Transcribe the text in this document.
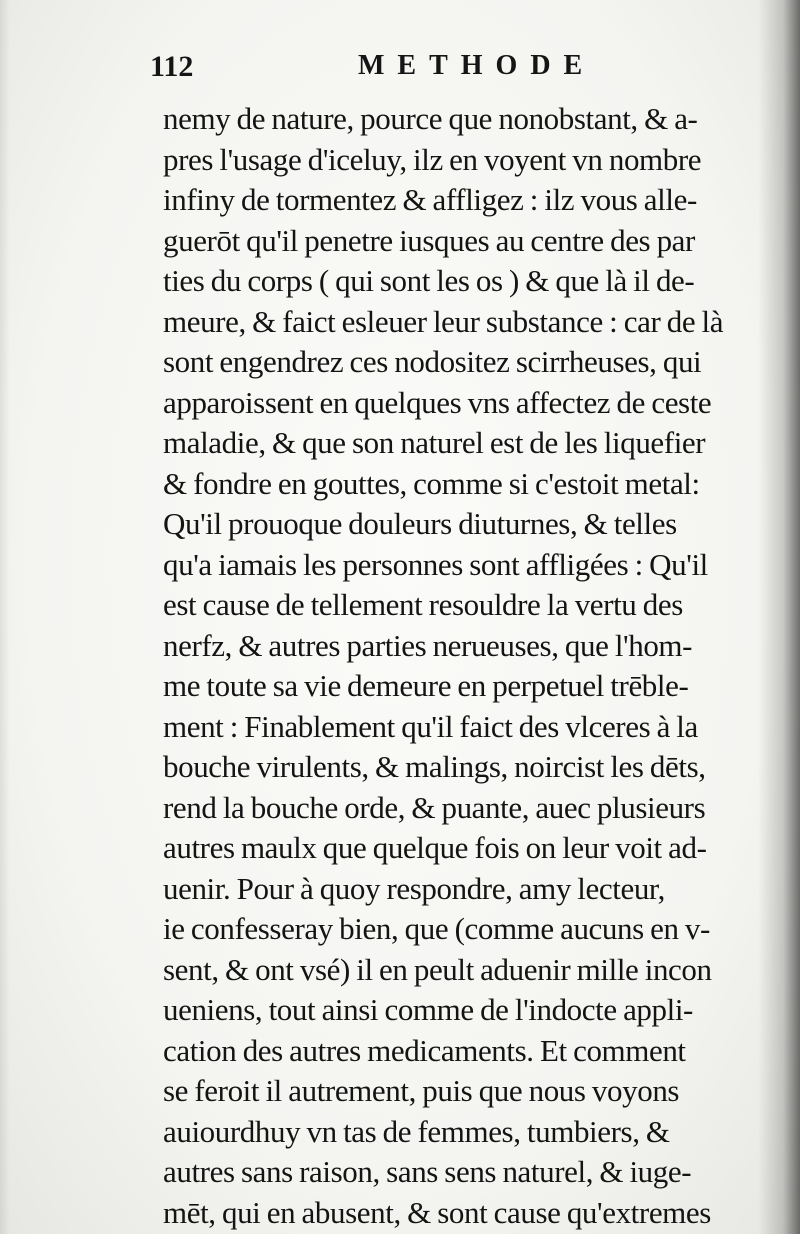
112	METHODE
nemy de nature, pource que nonobstant, & a-
pres l'usage d'iceluy, ilz en voyent vn nombre
infiny de tormentez & affligez : ilz vous alle-
guerōt qu'il penetre iusques au centre des par
ties du corps ( qui sont les os ) & que là il de-
meure, & faict esleuer leur substance : car de là
sont engendrez ces nodositez scirrheuses, qui
apparoissent en quelques vns affectez de ceste
maladie, & que son naturel est de les liquefier
& fondre en gouttes, comme si c'estoit metal:
Qu'il prouoque douleurs diuturnes, & telles
qu'a iamais les personnes sont affligées : Qu'il
est cause de tellement resouldre la vertu des
nerfz, & autres parties nerueuses, que l'hom-
me toute sa vie demeure en perpetuel trēble-
ment : Finablement qu'il faict des vlceres à la
bouche virulents, & malings, noircist les dēts,
rend la bouche orde, & puante, auec plusieurs
autres maulx que quelque fois on leur voit ad-
uenir. Pour à quoy respondre, amy lecteur,
ie confesseray bien, que (comme aucuns en v-
sent, & ont vsé) il en peult aduenir mille incon
ueniens, tout ainsi comme de l'indocte appli-
cation des autres medicaments. Et comment
se feroit il autrement, puis que nous voyons
auiourdhuy vn tas de femmes, tumbiers, &
autres sans raison, sans sens naturel, & iuge-
mēt, qui en abusent, & sont cause qu'extremes
